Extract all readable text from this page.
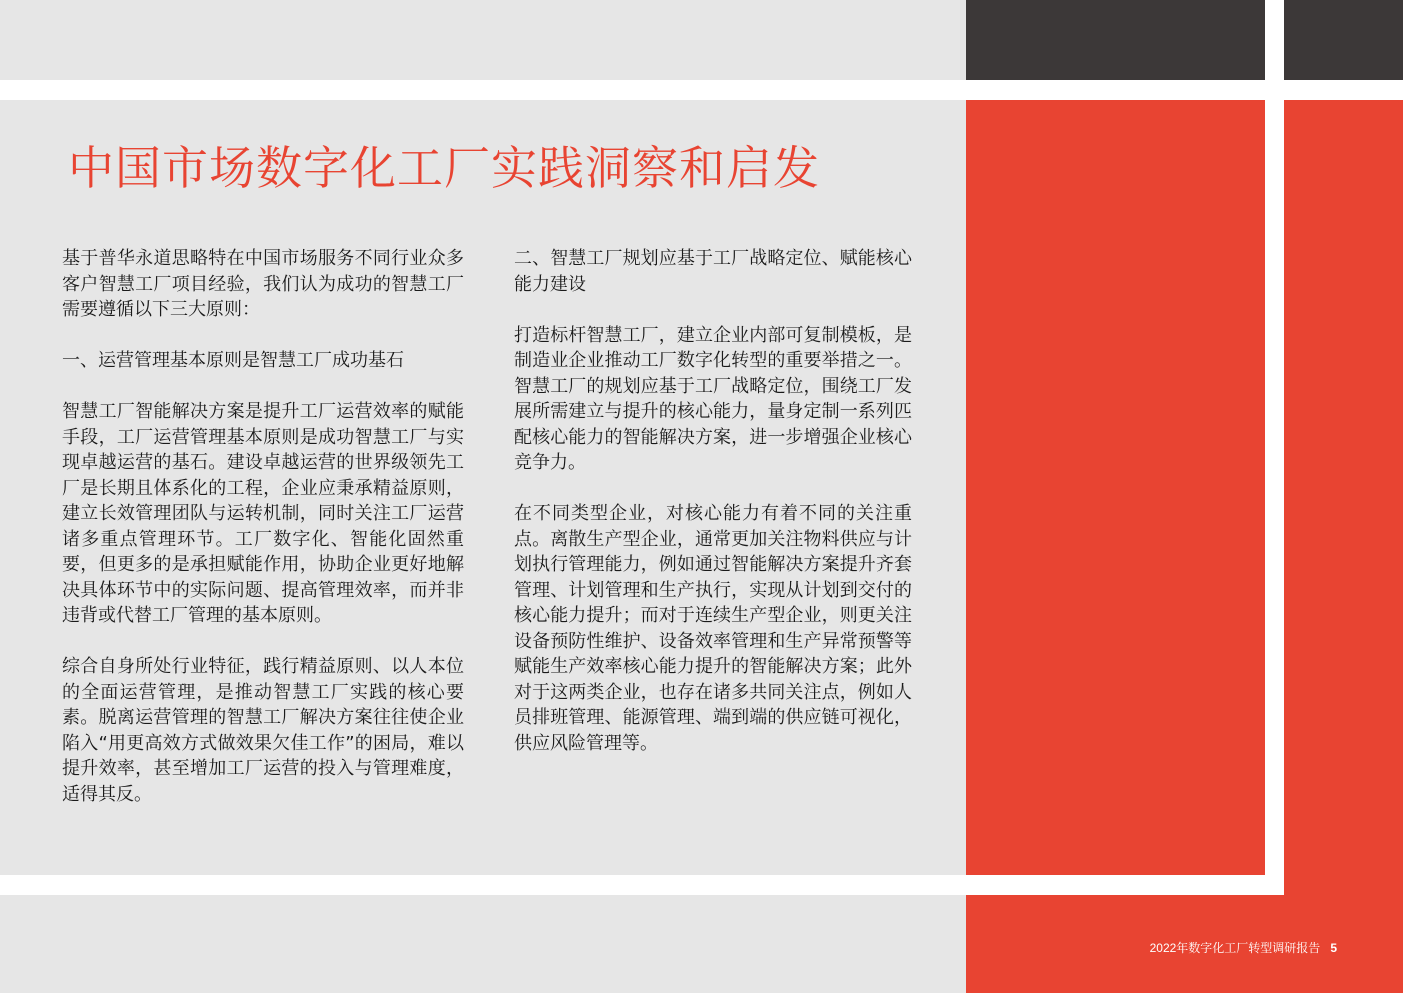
中国市场数字化工厂实践洞察和启发

基于普华永道思略特在中国市场服务不同行业众多客户智慧工厂项目经验，我们认为成功的智慧工厂需要遵循以下三大原则：

一、运营管理基本原则是智慧工厂成功基石

智慧工厂智能解决方案是提升工厂运营效率的赋能手段，工厂运营管理基本原则是成功智慧工厂与实现卓越运营的基石。建设卓越运营的世界级领先工厂是长期且体系化的工程，企业应秉承精益原则，建立长效管理团队与运转机制，同时关注工厂运营诸多重点管理环节。工厂数字化、智能化固然重要，但更多的是承担赋能作用，协助企业更好地解决具体环节中的实际问题、提高管理效率，而并非违背或代替工厂管理的基本原则。

综合自身所处行业特征，践行精益原则、以人本位的全面运营管理，是推动智慧工厂实践的核心要素。脱离运营管理的智慧工厂解决方案往往使企业陷入“用更高效方式做效果欠佳工作”的困局，难以提升效率，甚至增加工厂运营的投入与管理难度，适得其反。

二、智慧工厂规划应基于工厂战略定位、赋能核心能力建设

打造标杆智慧工厂，建立企业内部可复制模板，是制造业企业推动工厂数字化转型的重要举措之一。智慧工厂的规划应基于工厂战略定位，围绕工厂发展所需建立与提升的核心能力，量身定制一系列匹配核心能力的智能解决方案，进一步增强企业核心竞争力。

在不同类型企业，对核心能力有着不同的关注重点。离散生产型企业，通常更加关注物料供应与计划执行管理能力，例如通过智能解决方案提升齐套管理、计划管理和生产执行，实现从计划到交付的核心能力提升；而对于连续生产型企业，则更关注设备预防性维护、设备效率管理和生产异常预警等赋能生产效率核心能力提升的智能解决方案；此外对于这两类企业，也存在诸多共同关注点，例如人员排班管理、能源管理、端到端的供应链可视化，供应风险管理等。

2022年数字化工厂转型调研报告 5
